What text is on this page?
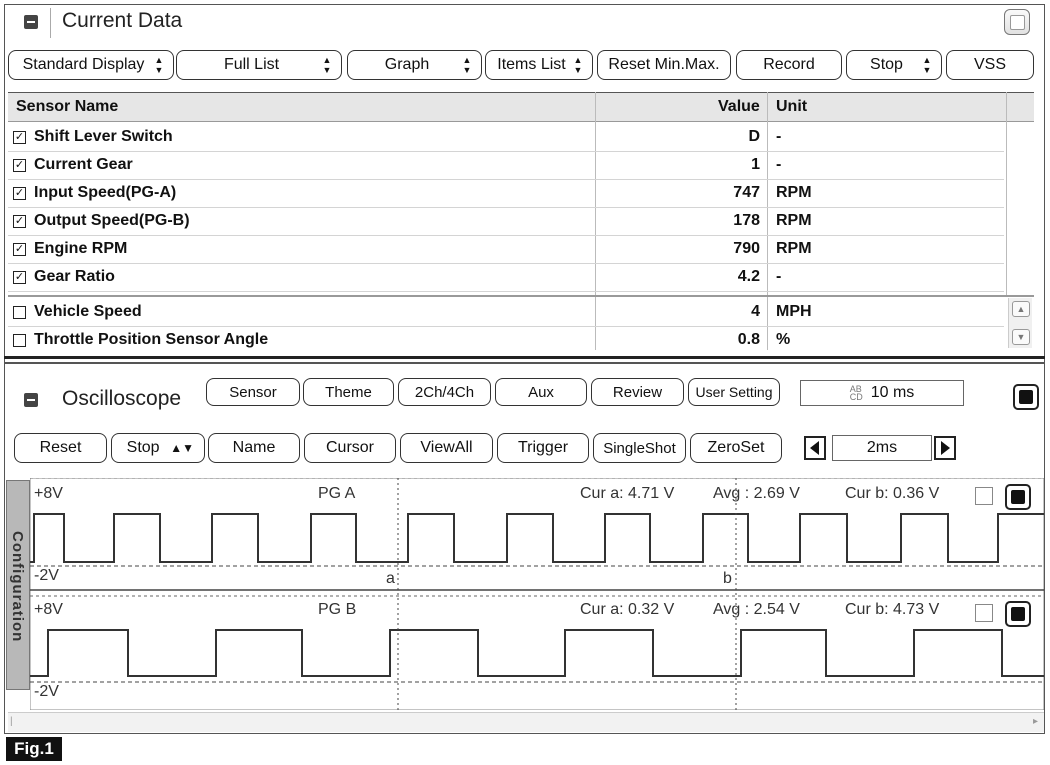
Current Data
Standard Display	▲▼	Full List	▲▼	Graph	▲▼ Items List ▲▼	Reset Min.Max.	Record	Stop	▲▼	VSS
Sensor Name	Value Unit
✓ Shift Lever Switch	D -
✓ Current Gear	1 -
✓ Input Speed(PG-A)	747 RPM
✓ Output Speed(PG-B)	178 RPM
✓ Engine RPM	790 RPM
✓ Gear Ratio	4.2 -
Vehicle Speed	4 MPH
Throttle Position Sensor Angle	0.8 %
▲
▼
Oscilloscope	Sensor	Theme	2Ch/4Ch	Aux	Review	User Setting	AB
CD 10 ms
Reset	Stop ▲▼	Name	Cursor	ViewAll	Trigger	SingleShot	ZeroSet	2ms
Configuration
+8V
-2V
PG A	Cur a: 4.71 V Avg : 2.69 V	Cur b: 0.36 V
a	b
+8V
-2V
PG B	Cur a: 0.32 V Avg : 2.54 V	Cur b: 4.73 V
|	▸
Fig.1
